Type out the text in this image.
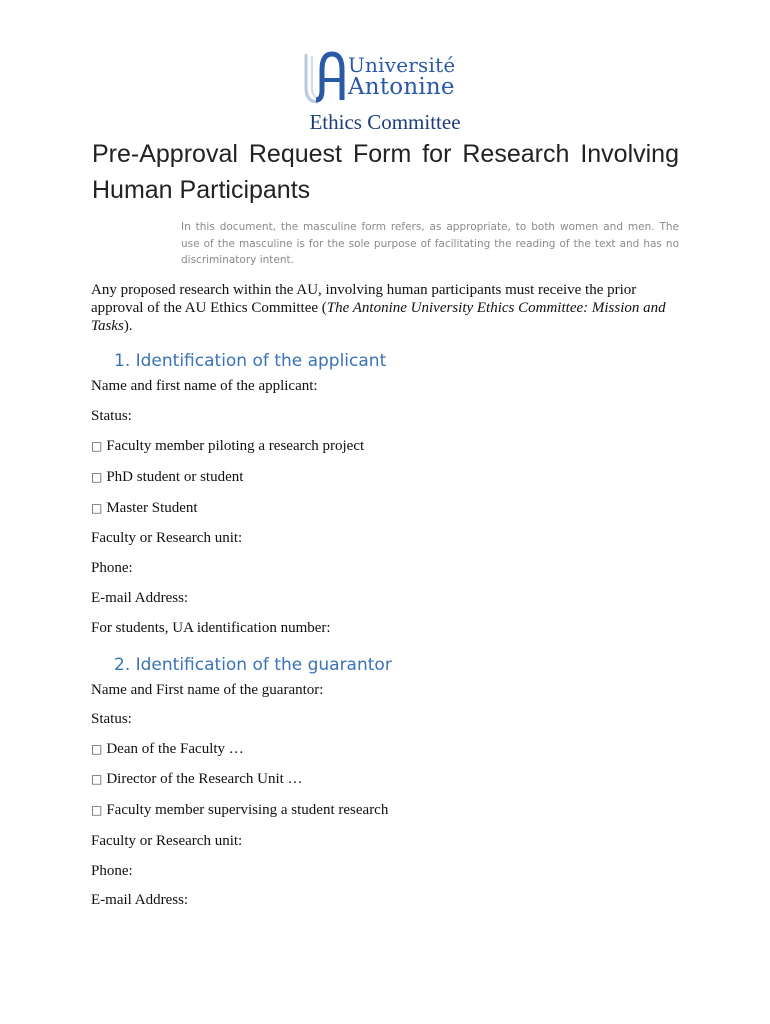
Université
Antonine
Ethics Committee
Pre-Approval Request Form for Research Involving
Human Participants
In this document, the masculine form refers, as appropriate, to both women and men. The use of the masculine is for the sole purpose of facilitating the reading of the text and has no discriminatory intent.
Any proposed research within the AU, involving human participants must receive the prior approval of the AU Ethics Committee (The Antonine University Ethics Committee: Mission and Tasks).
1. Identification of the applicant
Name and first name of the applicant:
Status:
□ Faculty member piloting a research project
□ PhD student or student
□ Master Student
Faculty or Research unit:
Phone:
E-mail Address:
For students, UA identification number:
2. Identification of the guarantor
Name and First name of the guarantor:
Status:
□ Dean of the Faculty …
□ Director of the Research Unit …
□ Faculty member supervising a student research
Faculty or Research unit:
Phone:
E-mail Address:
